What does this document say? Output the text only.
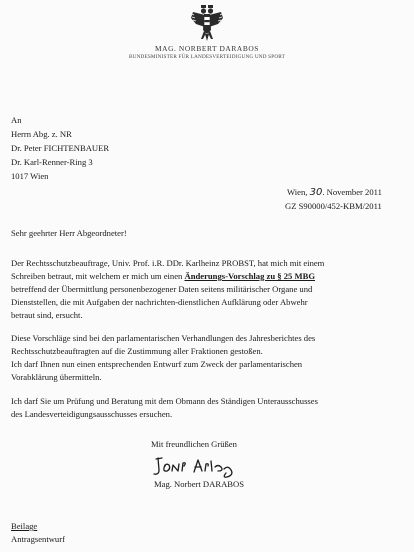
MAG. NORBERT DARABOS
BUNDESMINISTER FÜR LANDESVERTEIDIGUNG UND SPORT
An
Herrn Abg. z. NR
Dr. Peter FICHTENBAUER
Dr. Karl-Renner-Ring 3
1017 Wien
Wien, 30. November 2011
GZ S90000/452-KBM/2011
Sehr geehrter Herr Abgeordneter!
Der Rechtsschutzbeauftrage, Univ. Prof. i.R. DDr. Karlheinz PROBST, hat mich mit einem
Schreiben betraut, mit welchem er mich um einen Änderungs-Vorschlag zu § 25 MBG
betreffend der Übermittlung personenbezogener Daten seitens militärischer Organe und
Dienststellen, die mit Aufgaben der nachrichten-dienstlichen Aufklärung oder Abwehr
betraut sind, ersucht.
Diese Vorschläge sind bei den parlamentarischen Verhandlungen des Jahresberichtes des
Rechtsschutzbeauftragten auf die Zustimmung aller Fraktionen gestoßen.
Ich darf Ihnen nun einen entsprechenden Entwurf zum Zweck der parlamentarischen
Vorabklärung übermitteln.
Ich darf Sie um Prüfung und Beratung mit dem Obmann des Ständigen Unterausschusses
des Landesverteidigungsausschusses ersuchen.
Mit freundlichen Grüßen
Mag. Norbert DARABOS
Beilage
Antragsentwurf
